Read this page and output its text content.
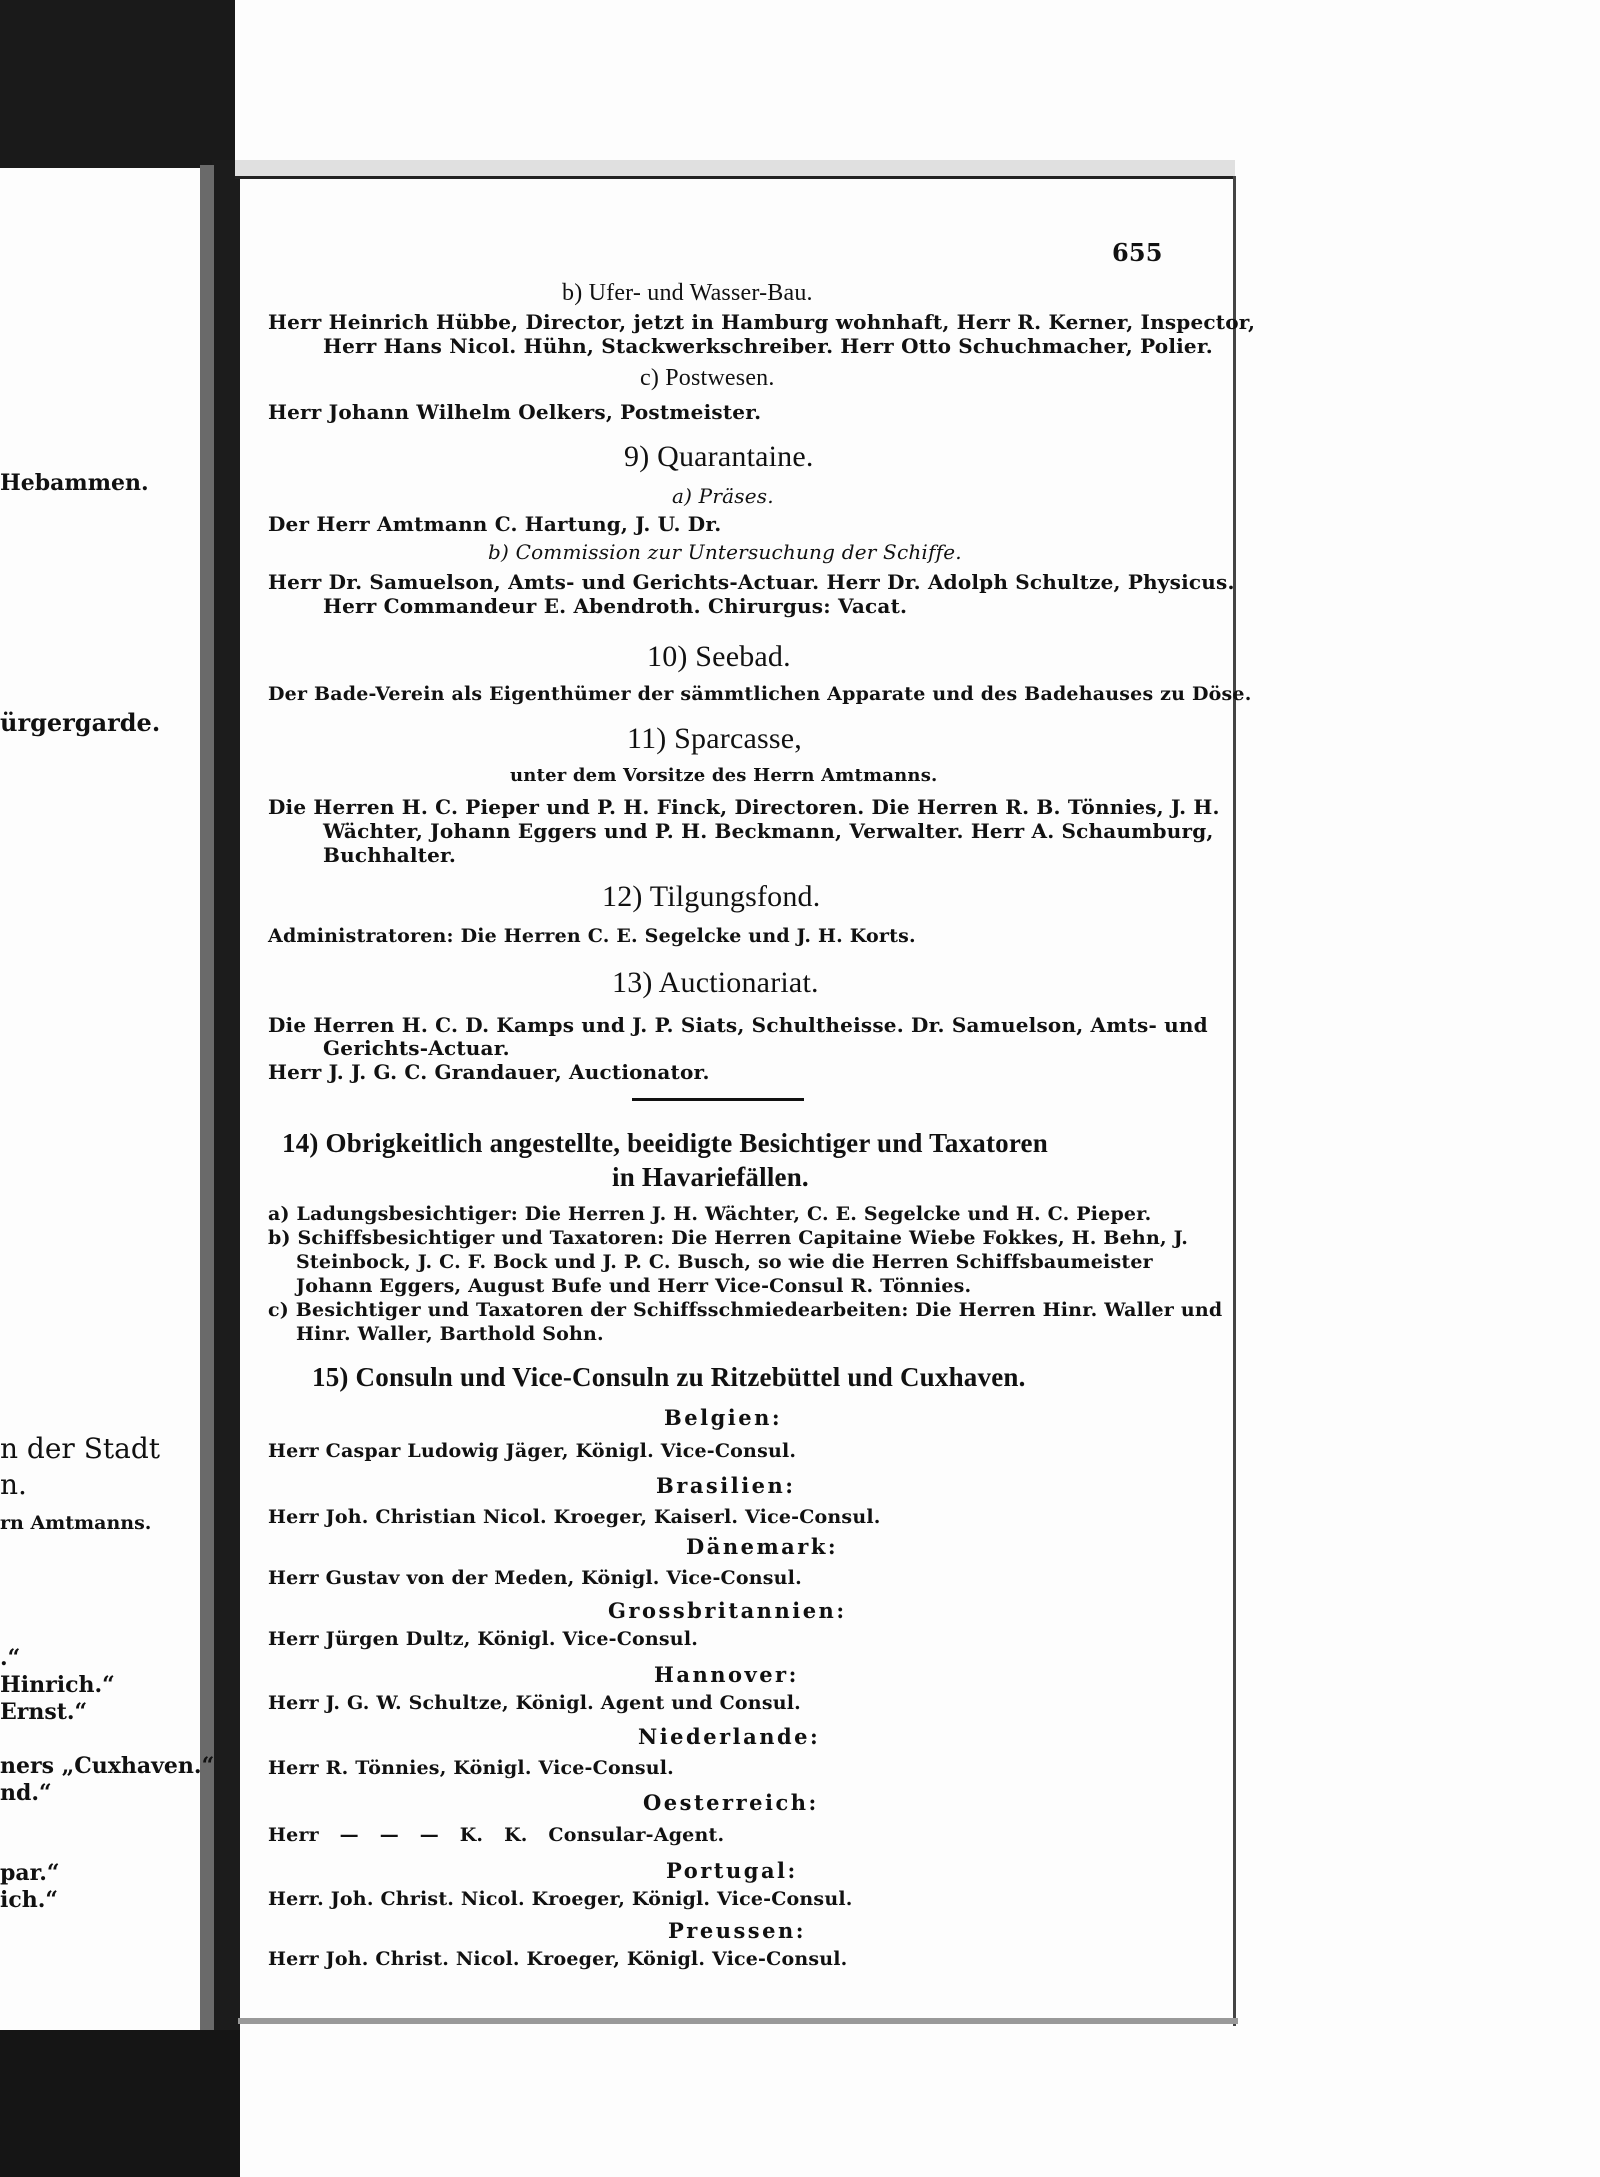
Hebammen.
ürgergarde.
n der Stadt
n.
rn Amtmanns.
.“
Hinrich.“
Ernst.“
ners „Cuxhaven.“
nd.“
par.“
ich.“
655
b) Ufer- und Wasser-Bau.
Herr Heinrich Hübbe, Director, jetzt in Hamburg wohnhaft, Herr R. Kerner, Inspector,
Herr Hans Nicol. Hühn, Stackwerkschreiber. Herr Otto Schuchmacher, Polier.
c) Postwesen.
Herr Johann Wilhelm Oelkers, Postmeister.
9) Quarantaine.
a) Präses.
Der Herr Amtmann C. Hartung, J. U. Dr.
b) Commission zur Untersuchung der Schiffe.
Herr Dr. Samuelson, Amts- und Gerichts-Actuar. Herr Dr. Adolph Schultze, Physicus.
Herr Commandeur E. Abendroth. Chirurgus: Vacat.
10) Seebad.
Der Bade-Verein als Eigenthümer der sämmtlichen Apparate und des Badehauses zu Döse.
11) Sparcasse,
unter dem Vorsitze des Herrn Amtmanns.
Die Herren H. C. Pieper und P. H. Finck, Directoren. Die Herren R. B. Tönnies, J. H.
Wächter, Johann Eggers und P. H. Beckmann, Verwalter. Herr A. Schaumburg,
Buchhalter.
12) Tilgungsfond.
Administratoren: Die Herren C. E. Segelcke und J. H. Korts.
13) Auctionariat.
Die Herren H. C. D. Kamps und J. P. Siats, Schultheisse. Dr. Samuelson, Amts- und
Gerichts-Actuar.
Herr J. J. G. C. Grandauer, Auctionator.
14) Obrigkeitlich angestellte, beeidigte Besichtiger und Taxatoren
in Havariefällen.
a) Ladungsbesichtiger: Die Herren J. H. Wächter, C. E. Segelcke und H. C. Pieper.
b) Schiffsbesichtiger und Taxatoren: Die Herren Capitaine Wiebe Fokkes, H. Behn, J.
Steinbock, J. C. F. Bock und J. P. C. Busch, so wie die Herren Schiffsbaumeister
Johann Eggers, August Bufe und Herr Vice-Consul R. Tönnies.
c) Besichtiger und Taxatoren der Schiffsschmiedearbeiten: Die Herren Hinr. Waller und
Hinr. Waller, Barthold Sohn.
15) Consuln und Vice-Consuln zu Ritzebüttel und Cuxhaven.
Belgien:
Herr Caspar Ludowig Jäger, Königl. Vice-Consul.
Brasilien:
Herr Joh. Christian Nicol. Kroeger, Kaiserl. Vice-Consul.
Dänemark:
Herr Gustav von der Meden, Königl. Vice-Consul.
Grossbritannien:
Herr Jürgen Dultz, Königl. Vice-Consul.
Hannover:
Herr J. G. W. Schultze, Königl. Agent und Consul.
Niederlande:
Herr R. Tönnies, Königl. Vice-Consul.
Oesterreich:
Herr — — — K. K. Consular-Agent.
Portugal:
Herr. Joh. Christ. Nicol. Kroeger, Königl. Vice-Consul.
Preussen:
Herr Joh. Christ. Nicol. Kroeger, Königl. Vice-Consul.
